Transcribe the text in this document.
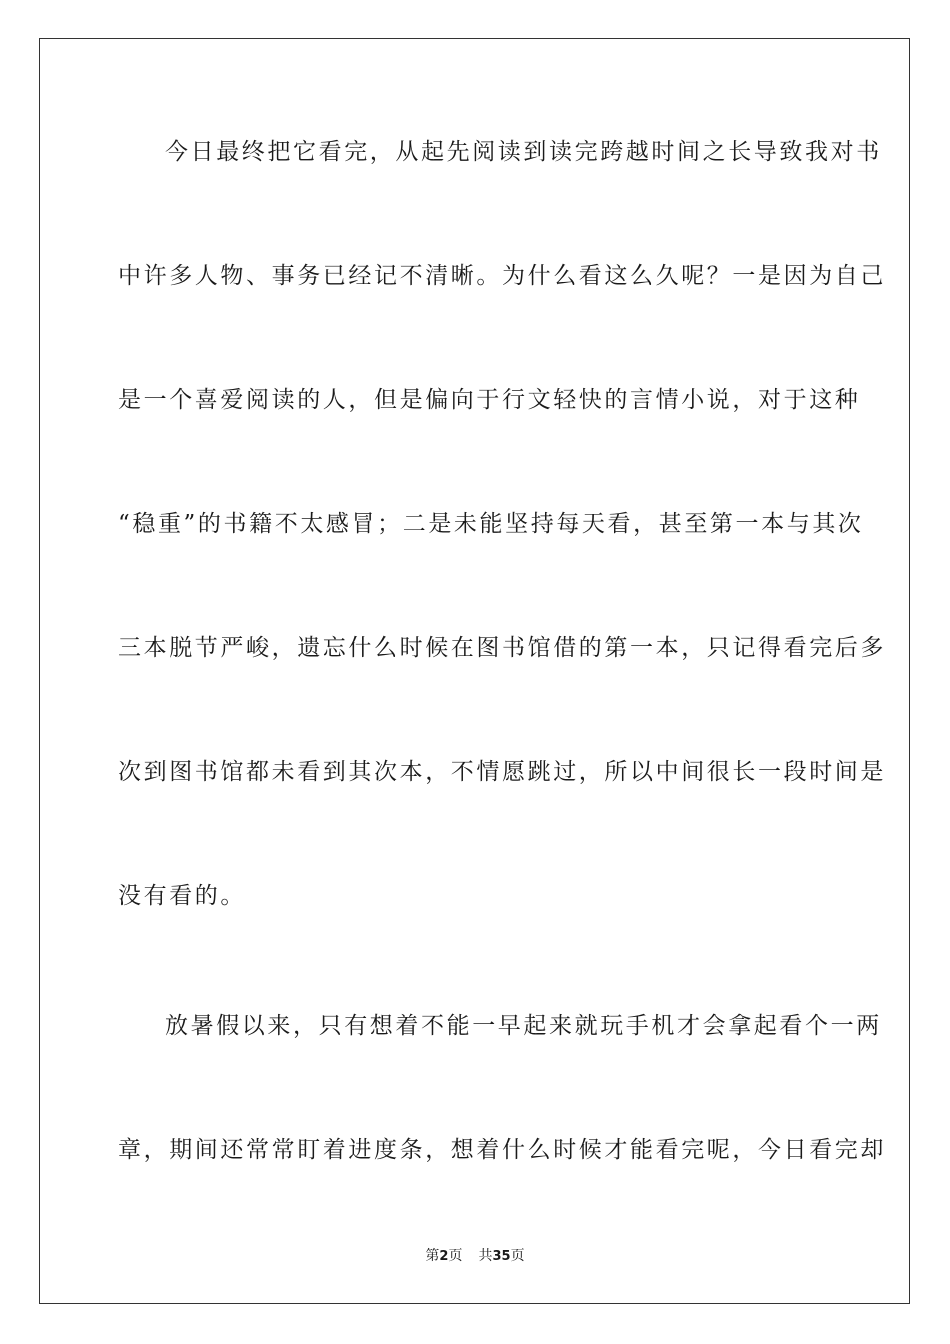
今日最终把它看完，从起先阅读到读完跨越时间之长导致我对书
中许多人物、事务已经记不清晰。为什么看这么久呢？一是因为自己
是一个喜爱阅读的人，但是偏向于行文轻快的言情小说，对于这种
“稳重”的书籍不太感冒；二是未能坚持每天看，甚至第一本与其次
三本脱节严峻，遗忘什么时候在图书馆借的第一本，只记得看完后多
次到图书馆都未看到其次本，不情愿跳过，所以中间很长一段时间是
没有看的。
放暑假以来，只有想着不能一早起来就玩手机才会拿起看个一两
章，期间还常常盯着进度条，想着什么时候才能看完呢，今日看完却
第2页 共35页
